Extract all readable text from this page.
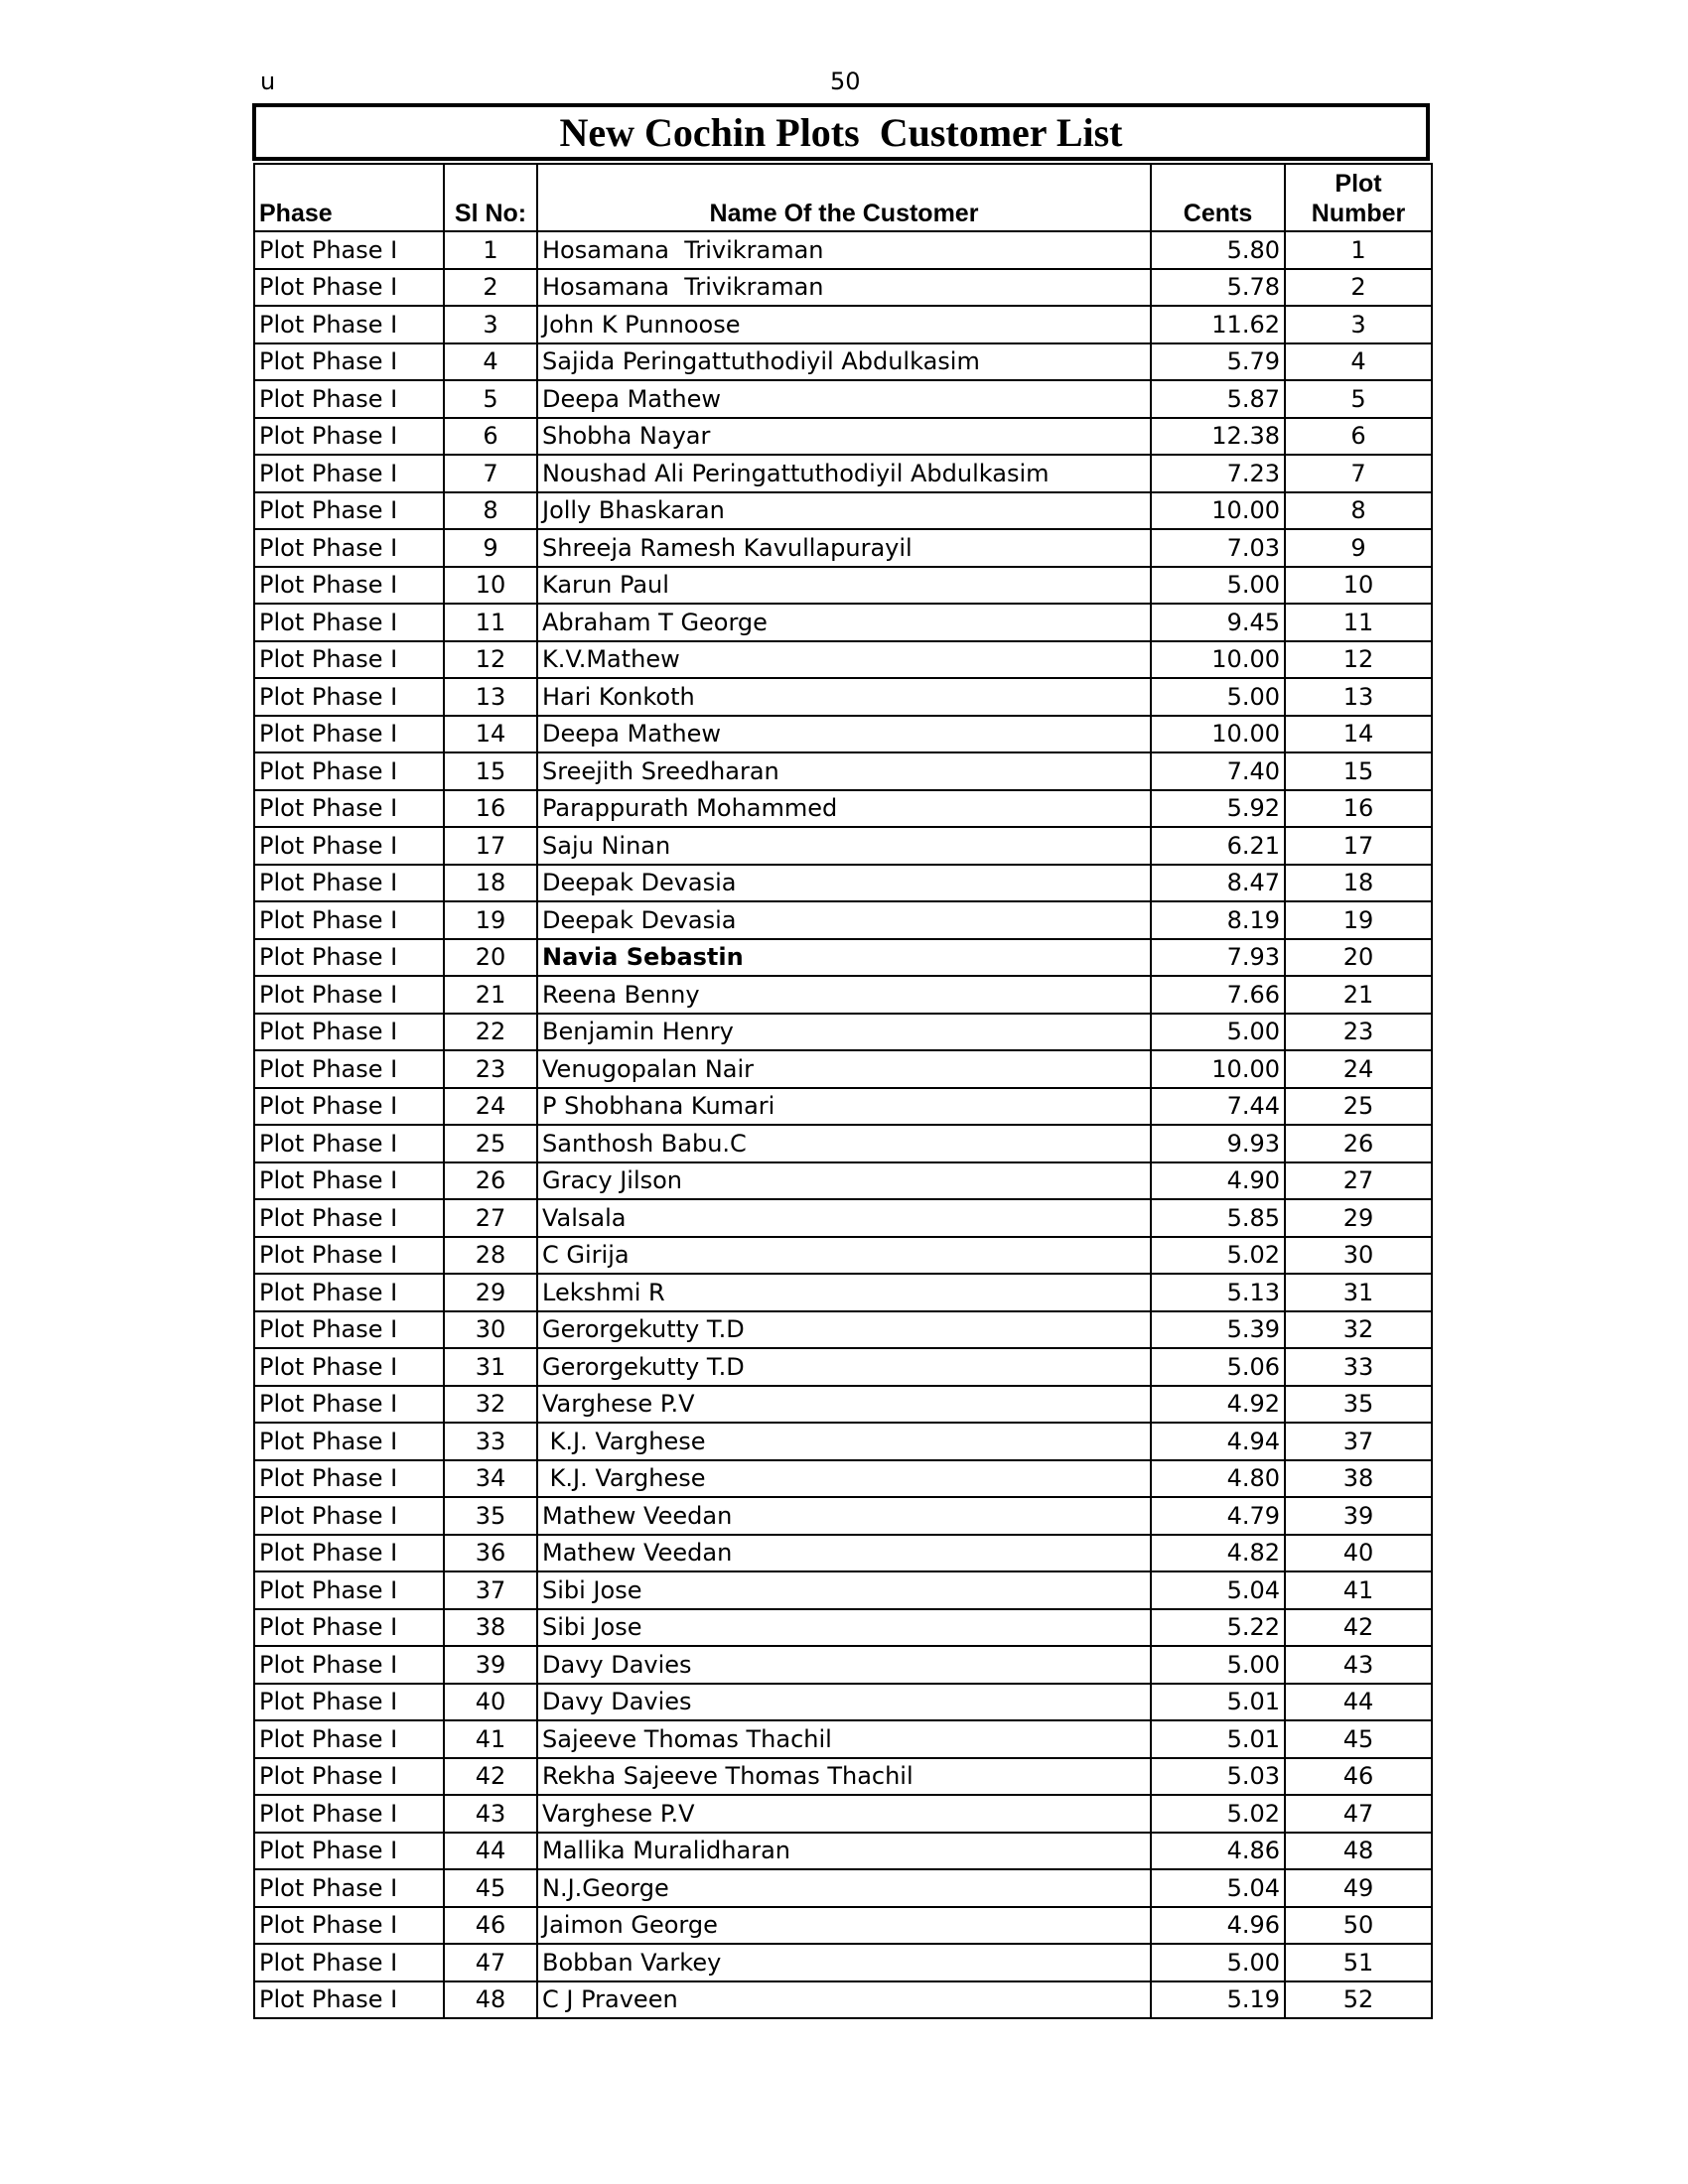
u	50
New Cochin Plots  Customer List
Phase	Sl No:	Name Of the Customer	Cents	Plot
Number
Plot Phase I	1	Hosamana  Trivikraman	5.80	1
Plot Phase I	2	Hosamana  Trivikraman	5.78	2
Plot Phase I	3	John K Punnoose	11.62	3
Plot Phase I	4	Sajida Peringattuthodiyil Abdulkasim	5.79	4
Plot Phase I	5	Deepa Mathew	5.87	5
Plot Phase I	6	Shobha Nayar	12.38	6
Plot Phase I	7	Noushad Ali Peringattuthodiyil Abdulkasim	7.23	7
Plot Phase I	8	Jolly Bhaskaran	10.00	8
Plot Phase I	9	Shreeja Ramesh Kavullapurayil	7.03	9
Plot Phase I	10	Karun Paul	5.00	10
Plot Phase I	11	Abraham T George	9.45	11
Plot Phase I	12	K.V.Mathew	10.00	12
Plot Phase I	13	Hari Konkoth	5.00	13
Plot Phase I	14	Deepa Mathew	10.00	14
Plot Phase I	15	Sreejith Sreedharan	7.40	15
Plot Phase I	16	Parappurath Mohammed	5.92	16
Plot Phase I	17	Saju Ninan	6.21	17
Plot Phase I	18	Deepak Devasia	8.47	18
Plot Phase I	19	Deepak Devasia	8.19	19
Plot Phase I	20	Navia Sebastin	7.93	20
Plot Phase I	21	Reena Benny	7.66	21
Plot Phase I	22	Benjamin Henry	5.00	23
Plot Phase I	23	Venugopalan Nair	10.00	24
Plot Phase I	24	P Shobhana Kumari	7.44	25
Plot Phase I	25	Santhosh Babu.C	9.93	26
Plot Phase I	26	Gracy Jilson	4.90	27
Plot Phase I	27	Valsala	5.85	29
Plot Phase I	28	C Girija	5.02	30
Plot Phase I	29	Lekshmi R	5.13	31
Plot Phase I	30	Gerorgekutty T.D	5.39	32
Plot Phase I	31	Gerorgekutty T.D	5.06	33
Plot Phase I	32	Varghese P.V	4.92	35
Plot Phase I	33	K.J. Varghese	4.94	37
Plot Phase I	34	K.J. Varghese	4.80	38
Plot Phase I	35	Mathew Veedan	4.79	39
Plot Phase I	36	Mathew Veedan	4.82	40
Plot Phase I	37	Sibi Jose	5.04	41
Plot Phase I	38	Sibi Jose	5.22	42
Plot Phase I	39	Davy Davies	5.00	43
Plot Phase I	40	Davy Davies	5.01	44
Plot Phase I	41	Sajeeve Thomas Thachil	5.01	45
Plot Phase I	42	Rekha Sajeeve Thomas Thachil	5.03	46
Plot Phase I	43	Varghese P.V	5.02	47
Plot Phase I	44	Mallika Muralidharan	4.86	48
Plot Phase I	45	N.J.George	5.04	49
Plot Phase I	46	Jaimon George	4.96	50
Plot Phase I	47	Bobban Varkey	5.00	51
Plot Phase I	48	C J Praveen	5.19	52
